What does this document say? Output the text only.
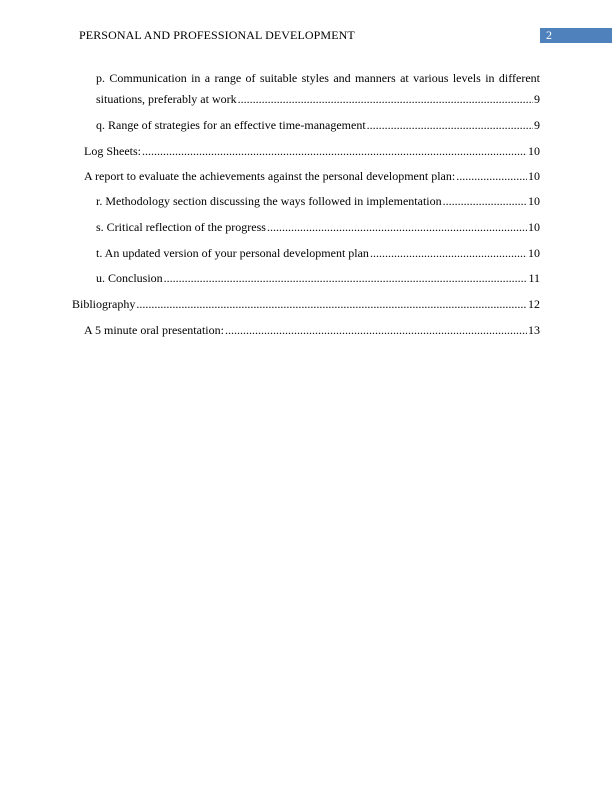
PERSONAL AND PROFESSIONAL DEVELOPMENT	2
p. Communication in a range of suitable styles and manners at various levels in different
situations, preferably at work .....	9
q. Range of strategies for an effective time-management .....	9
Log Sheets: .....	10
A report to evaluate the achievements against the personal development plan: .....	10
r. Methodology section discussing the ways followed in implementation .....	10
s. Critical reflection of the progress .....	10
t. An updated version of your personal development plan .....	10
u. Conclusion .....	11
Bibliography .....	12
A 5 minute oral presentation: .....	13
